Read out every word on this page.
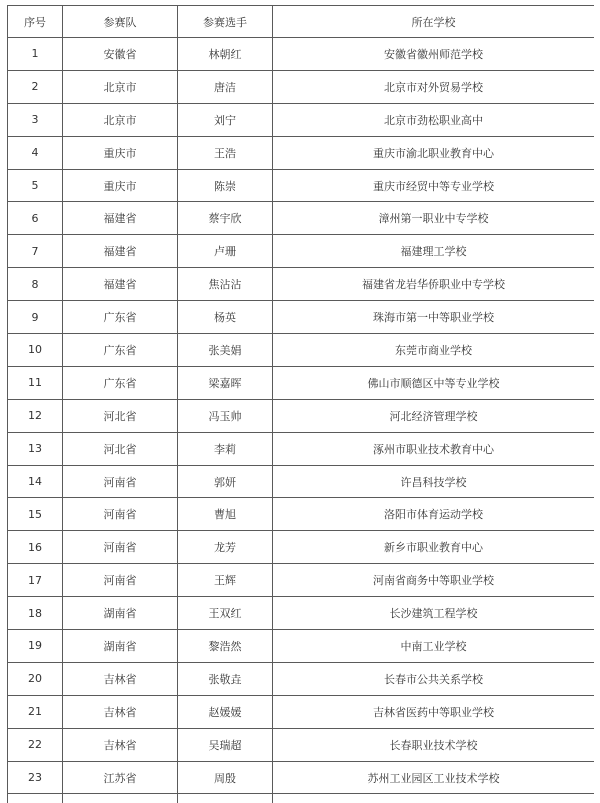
序号	参赛队	参赛选手	所在学校
1	安徽省	林朝红	安徽省徽州师范学校
2	北京市	唐洁	北京市对外贸易学校
3	北京市	刘宁	北京市劲松职业高中
4	重庆市	王浩	重庆市渝北职业教育中心
5	重庆市	陈崇	重庆市经贸中等专业学校
6	福建省	蔡宇欣	漳州第一职业中专学校
7	福建省	卢珊	福建理工学校
8	福建省	焦沾沾	福建省龙岩华侨职业中专学校
9	广东省	杨英	珠海市第一中等职业学校
10	广东省	张美娟	东莞市商业学校
11	广东省	梁嘉晖	佛山市顺德区中等专业学校
12	河北省	冯玉帅	河北经济管理学校
13	河北省	李莉	涿州市职业技术教育中心
14	河南省	郭妍	许昌科技学校
15	河南省	曹旭	洛阳市体育运动学校
16	河南省	龙芳	新乡市职业教育中心
17	河南省	王辉	河南省商务中等职业学校
18	湖南省	王双红	长沙建筑工程学校
19	湖南省	黎浩然	中南工业学校
20	吉林省	张敬垚	长春市公共关系学校
21	吉林省	赵媛媛	吉林省医药中等职业学校
22	吉林省	吴瑞超	长春职业技术学校
23	江苏省	周殷	苏州工业园区工业技术学校
